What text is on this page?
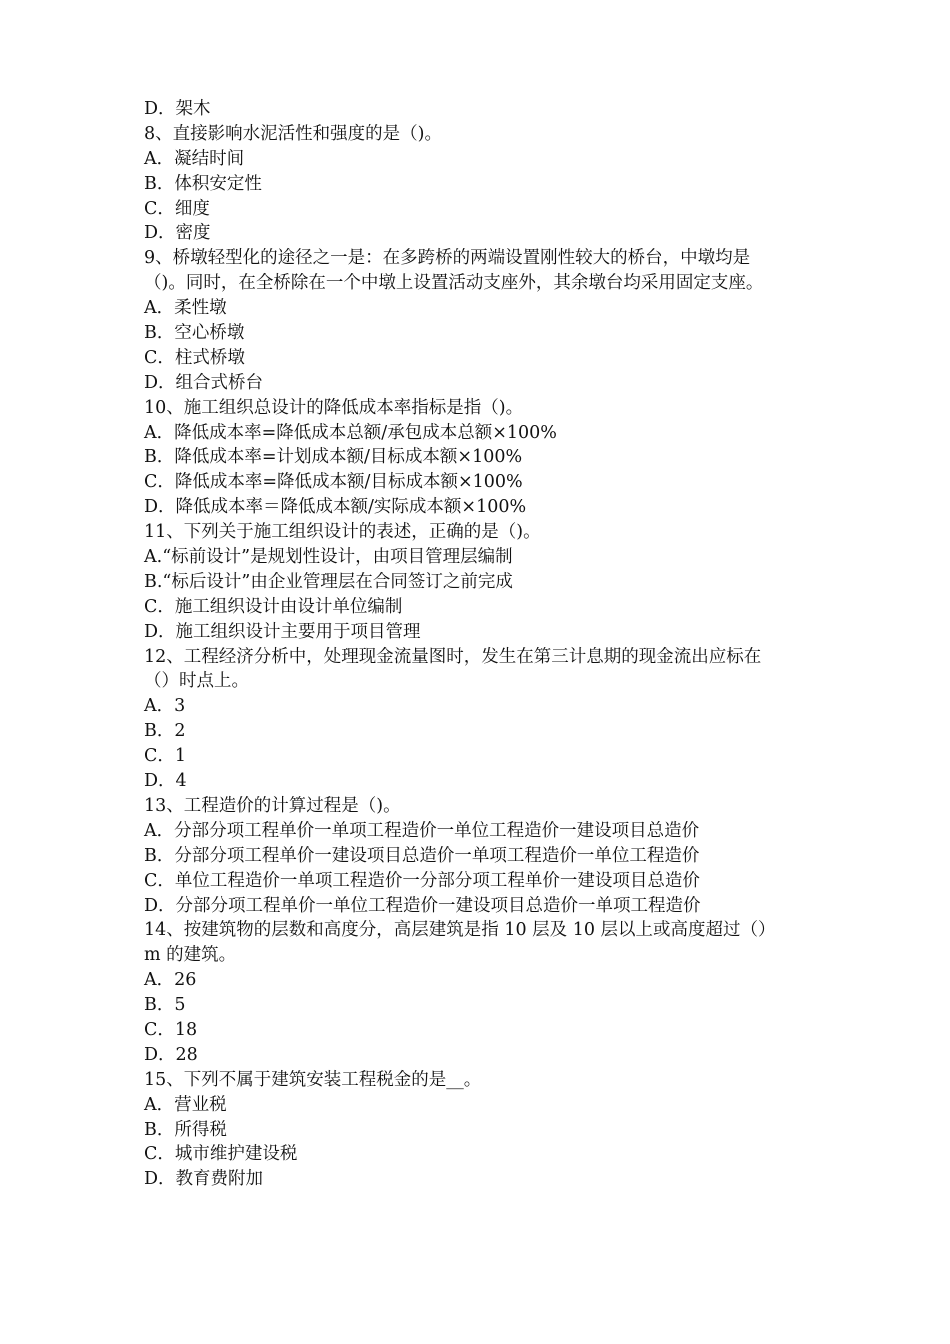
D．架木
8、直接影响水泥活性和强度的是（)。
A．凝结时间
B．体积安定性
C．细度
D．密度
9、桥墩轻型化的途径之一是：在多跨桥的两端设置刚性较大的桥台，中墩均是
（)。同时，在全桥除在一个中墩上设置活动支座外，其余墩台均采用固定支座。
A．柔性墩
B．空心桥墩
C．柱式桥墩
D．组合式桥台
10、施工组织总设计的降低成本率指标是指（)。
A．降低成本率=降低成本总额/承包成本总额×100%
B．降低成本率=计划成本额/目标成本额×100%
C．降低成本率=降低成本额/目标成本额×100%
D．降低成本率＝降低成本额/实际成本额×100%
11、下列关于施工组织设计的表述，正确的是（)。
A.“标前设计”是规划性设计，由项目管理层编制
B.“标后设计”由企业管理层在合同签订之前完成
C．施工组织设计由设计单位编制
D．施工组织设计主要用于项目管理
12、工程经济分析中，处理现金流量图时，发生在第三计息期的现金流出应标在
（）时点上。
A．3
B．2
C．1
D．4
13、工程造价的计算过程是（)。
A．分部分项工程单价一单项工程造价一单位工程造价一建设项目总造价
B．分部分项工程单价一建设项目总造价一单项工程造价一单位工程造价
C．单位工程造价一单项工程造价一分部分项工程单价一建设项目总造价
D．分部分项工程单价一单位工程造价一建设项目总造价一单项工程造价
14、按建筑物的层数和高度分，高层建筑是指 10 层及 10 层以上或高度超过（）
m 的建筑。
A．26
B．5
C．18
D．28
15、下列不属于建筑安装工程税金的是__。
A．营业税
B．所得税
C．城市维护建设税
D．教育费附加
